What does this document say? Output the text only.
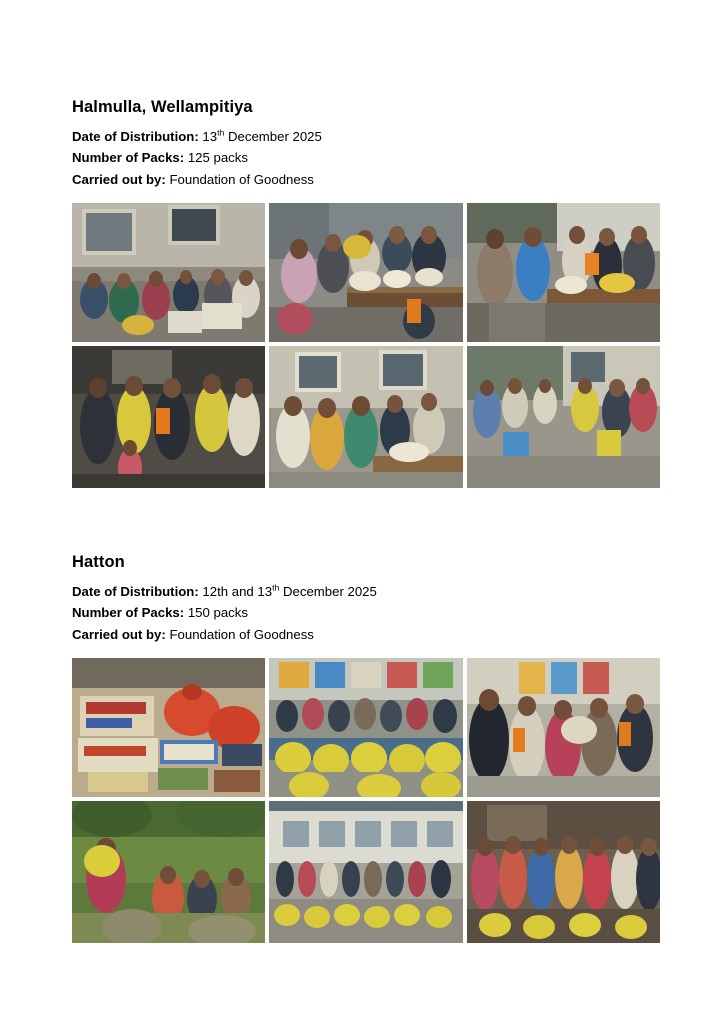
Halmulla, Wellampitiya

Date of Distribution: 13th December 2025

Number of Packs: 125 packs

Carried out by: Foundation of Goodness

Hatton

Date of Distribution: 12th and 13th December 2025

Number of Packs: 150 packs

Carried out by: Foundation of Goodness
